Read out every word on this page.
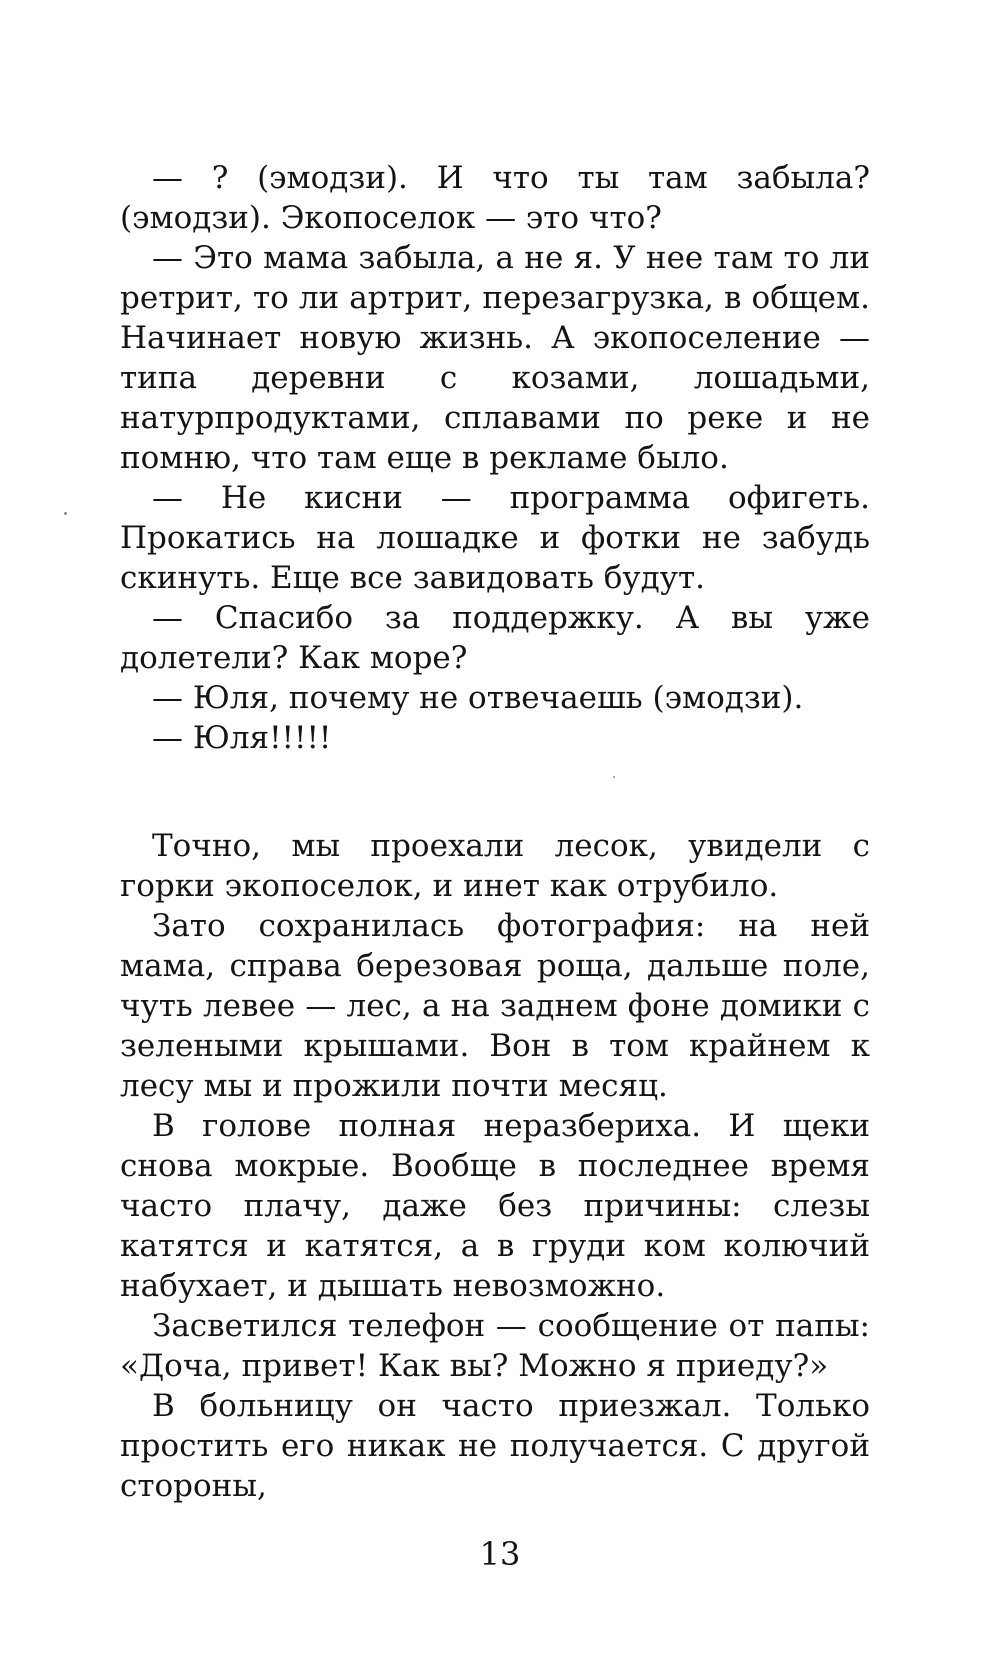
— ? (эмодзи). И что ты там забыла? (эмодзи). Экопоселок — это что?

— Это мама забыла, а не я. У нее там то ли ретрит, то ли артрит, перезагрузка, в общем. Начинает новую жизнь. А экопоселение — типа деревни с козами, лошадьми, натурпродуктами, сплавами по реке и не помню, что там еще в рекламе было.

— Не кисни — программа офигеть. Прокатись на лошадке и фотки не забудь скинуть. Еще все завидовать будут.

— Спасибо за поддержку. А вы уже долетели? Как море?

— Юля, почему не отвечаешь (эмодзи).

— Юля!!!!!

Точно, мы проехали лесок, увидели с горки экопоселок, и инет как отрубило.

Зато сохранилась фотография: на ней мама, справа березовая роща, дальше поле, чуть левее — лес, а на заднем фоне домики с зелеными крышами. Вон в том крайнем к лесу мы и прожили почти месяц.

В голове полная неразбериха. И щеки снова мокрые. Вообще в последнее время часто плачу, даже без причины: слезы катятся и катятся, а в груди ком колючий набухает, и дышать невозможно.

Засветился телефон — сообщение от папы: «Доча, привет! Как вы? Можно я приеду?»

В больницу он часто приезжал. Только простить его никак не получается. С другой стороны,

13
